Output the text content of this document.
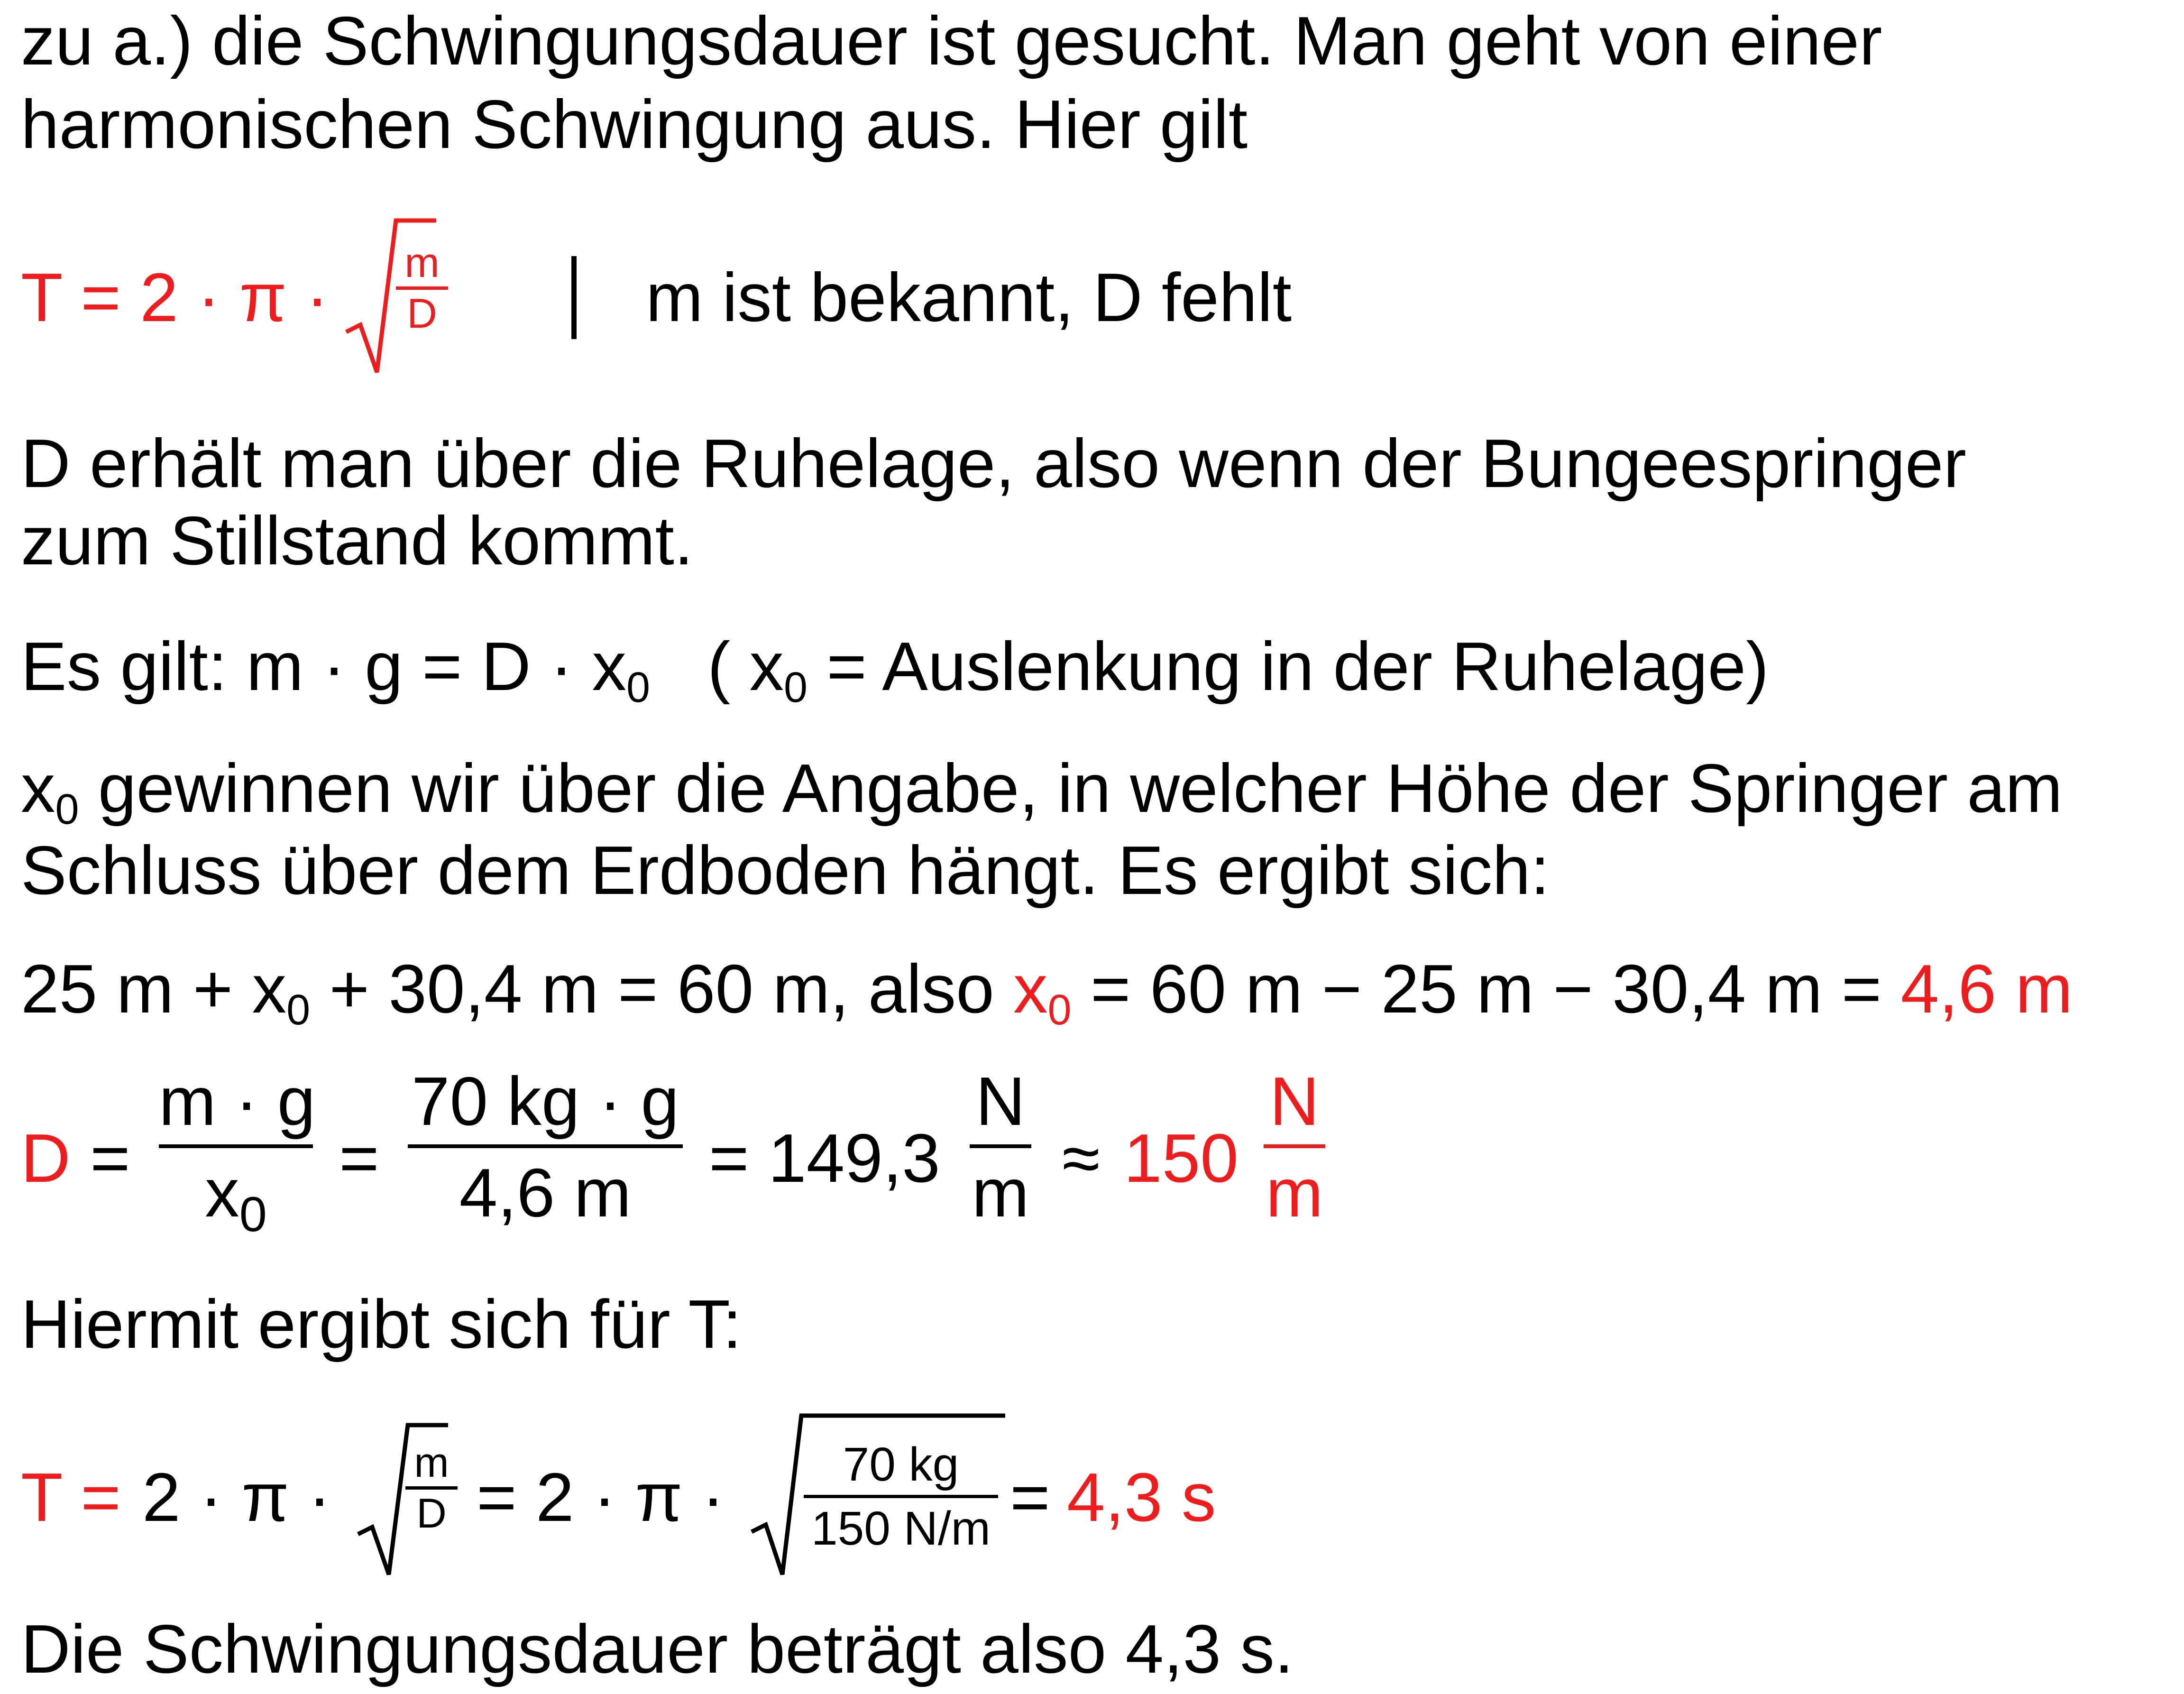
zu a.) die Schwingungsdauer ist gesucht. Man geht von einer
harmonischen Schwingung aus. Hier gilt
T = 2 · π · m
D	m ist bekannt, D fehlt
D erhält man über die Ruhelage, also wenn der Bungeespringer
zum Stillstand kommt.
Es gilt: m · g = D · x0   ( x0 = Auslenkung in der Ruhelage)
x0 gewinnen wir über die Angabe, in welcher Höhe der Springer am
Schluss über dem Erdboden hängt. Es ergibt sich:
25 m + x0 + 30,4 m = 60 m, also x0 = 60 m − 25 m − 30,4 m = 4,6 m
D =
m · g
$x_0$
=
70 kg · g
4,6 m	= 149,3
N
m ≈ 150
N
m
Hiermit ergibt sich für T:
T = 2 · π · m
D = 2 · π ·	70 kg
150 N/m = 4,3 s
Die Schwingungsdauer beträgt also 4,3 s.
